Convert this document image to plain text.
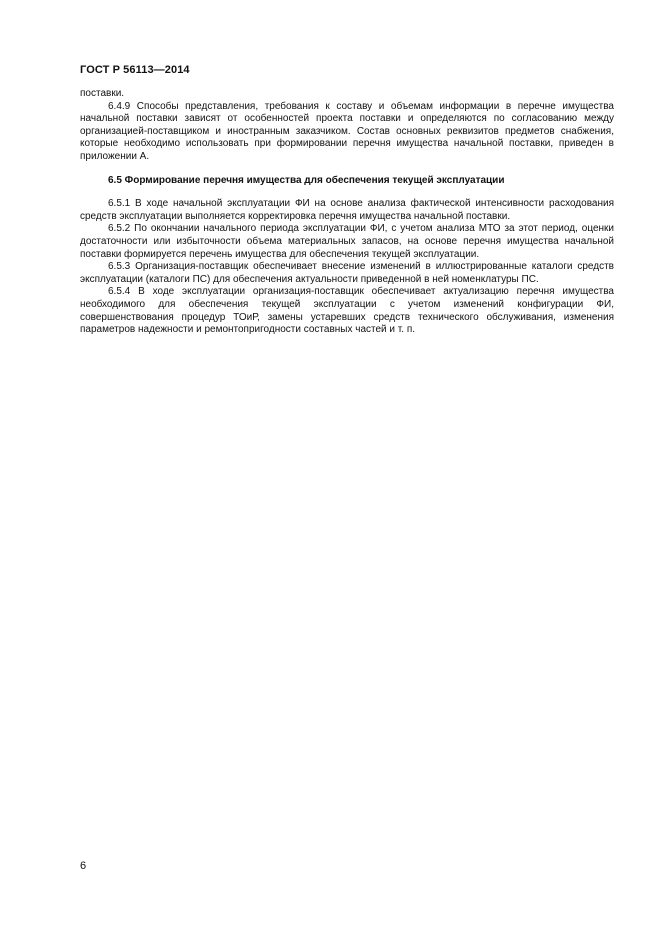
ГОСТ Р 56113—2014

поставки.

6.4.9 Способы представления, требования к составу и объемам информации в перечне имущества начальной поставки зависят от особенностей проекта поставки и определяются по согласованию между организацией-поставщиком и иностранным заказчиком. Состав основных реквизитов предметов снабжения, которые необходимо использовать при формировании перечня имущества начальной поставки, приведен в приложении А.

6.5 Формирование перечня имущества для обеспечения текущей эксплуатации

6.5.1 В ходе начальной эксплуатации ФИ на основе анализа фактической интенсивности расходования средств эксплуатации выполняется корректировка перечня имущества начальной поставки.

6.5.2 По окончании начального периода эксплуатации ФИ, с учетом анализа МТО за этот период, оценки достаточности или избыточности объема материальных запасов, на основе перечня имущества начальной поставки формируется перечень имущества для обеспечения текущей эксплуатации.

6.5.3 Организация-поставщик обеспечивает внесение изменений в иллюстрированные каталоги средств эксплуатации (каталоги ПС) для обеспечения актуальности приведенной в ней номенклатуры ПС.

6.5.4 В ходе эксплуатации организация-поставщик обеспечивает актуализацию перечня имущества необходимого для обеспечения текущей эксплуатации с учетом изменений конфигурации ФИ, совершенствования процедур ТОиР, замены устаревших средств технического обслуживания, изменения параметров надежности и ремонтопригодности составных частей и т. п.

6
